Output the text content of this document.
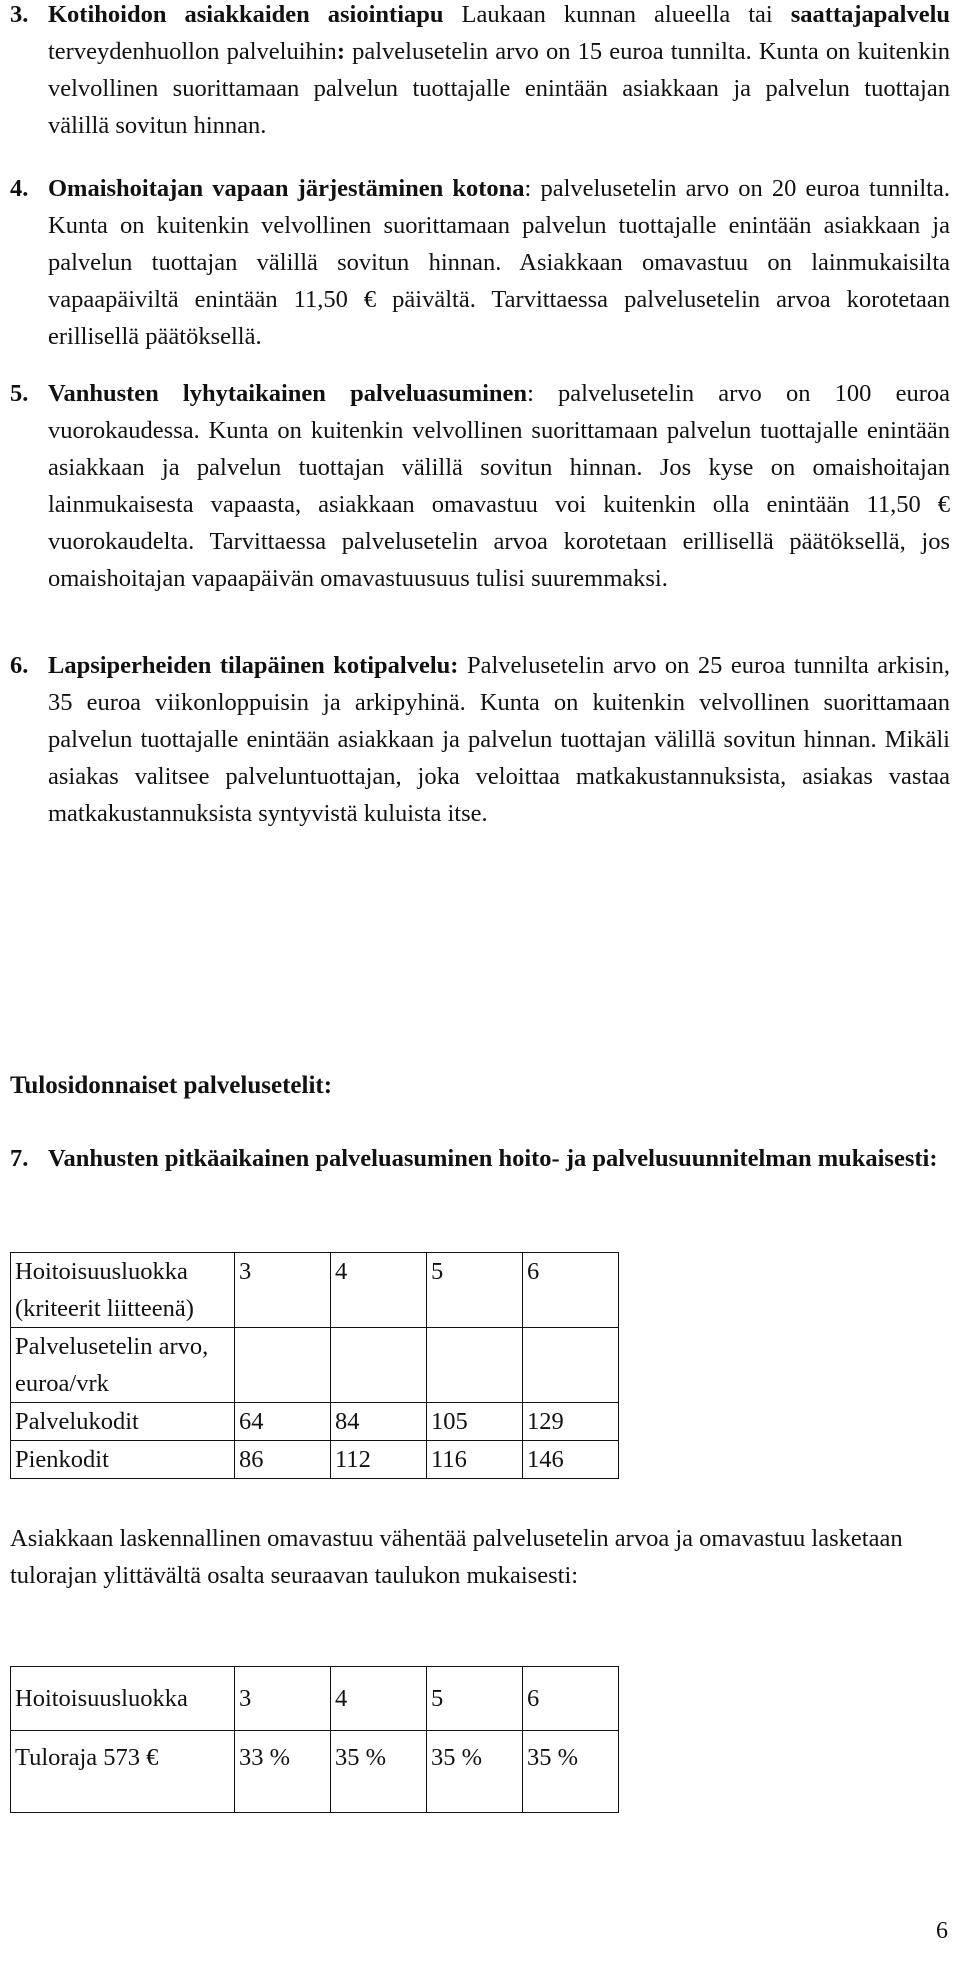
3. Kotihoidon asiakkaiden asiointiapu Laukaan kunnan alueella tai saattajapalvelu terveydenhuollon palveluihin: palvelusetelin arvo on 15 euroa tunnilta. Kunta on kuitenkin velvollinen suorittamaan palvelun tuottajalle enintään asiakkaan ja palvelun tuottajan välillä sovitun hinnan.

4. Omaishoitajan vapaan järjestäminen kotona: palvelusetelin arvo on 20 euroa tunnilta. Kunta on kuitenkin velvollinen suorittamaan palvelun tuottajalle enintään asiakkaan ja palvelun tuottajan välillä sovitun hinnan. Asiakkaan omavastuu on lainmukaisilta vapaapäiviltä enintään 11,50 € päivältä. Tarvittaessa palvelusetelin arvoa korotetaan erillisellä päätöksellä.

5. Vanhusten lyhytaikainen palveluasuminen: palvelusetelin arvo on 100 euroa vuorokaudessa. Kunta on kuitenkin velvollinen suorittamaan palvelun tuottajalle enintään asiakkaan ja palvelun tuottajan välillä sovitun hinnan. Jos kyse on omaishoitajan lainmukaisesta vapaasta, asiakkaan omavastuu voi kuitenkin olla enintään 11,50 € vuorokaudelta. Tarvittaessa palvelusetelin arvoa korotetaan erillisellä päätöksellä, jos omaishoitajan vapaapäivän omavastuusuus tulisi suuremmaksi.

6. Lapsiperheiden tilapäinen kotipalvelu: Palvelusetelin arvo on 25 euroa tunnilta arkisin, 35 euroa viikonloppuisin ja arkipyhinä. Kunta on kuitenkin velvollinen suorittamaan palvelun tuottajalle enintään asiakkaan ja palvelun tuottajan välillä sovitun hinnan. Mikäli asiakas valitsee palveluntuottajan, joka veloittaa matkakustannuksista, asiakas vastaa matkakustannuksista syntyvistä kuluista itse.

Tulosidonnaiset palvelusetelit:

7. Vanhusten pitkäaikainen palveluasuminen hoito- ja palvelusuunnitelman mukaisesti:

Hoitoisuusluokka (kriteerit liitteenä)	3	4	5	6
Palvelusetelin arvo, euroa/vrk				
Palvelukodit	64	84	105	129
Pienkodit	86	112	116	146

Asiakkaan laskennallinen omavastuu vähentää palvelusetelin arvoa ja omavastuu lasketaan tulorajan ylittävältä osalta seuraavan taulukon mukaisesti:

Hoitoisuusluokka	3	4	5	6
Tuloraja 573 €	33 %	35 %	35 %	35 %
6
